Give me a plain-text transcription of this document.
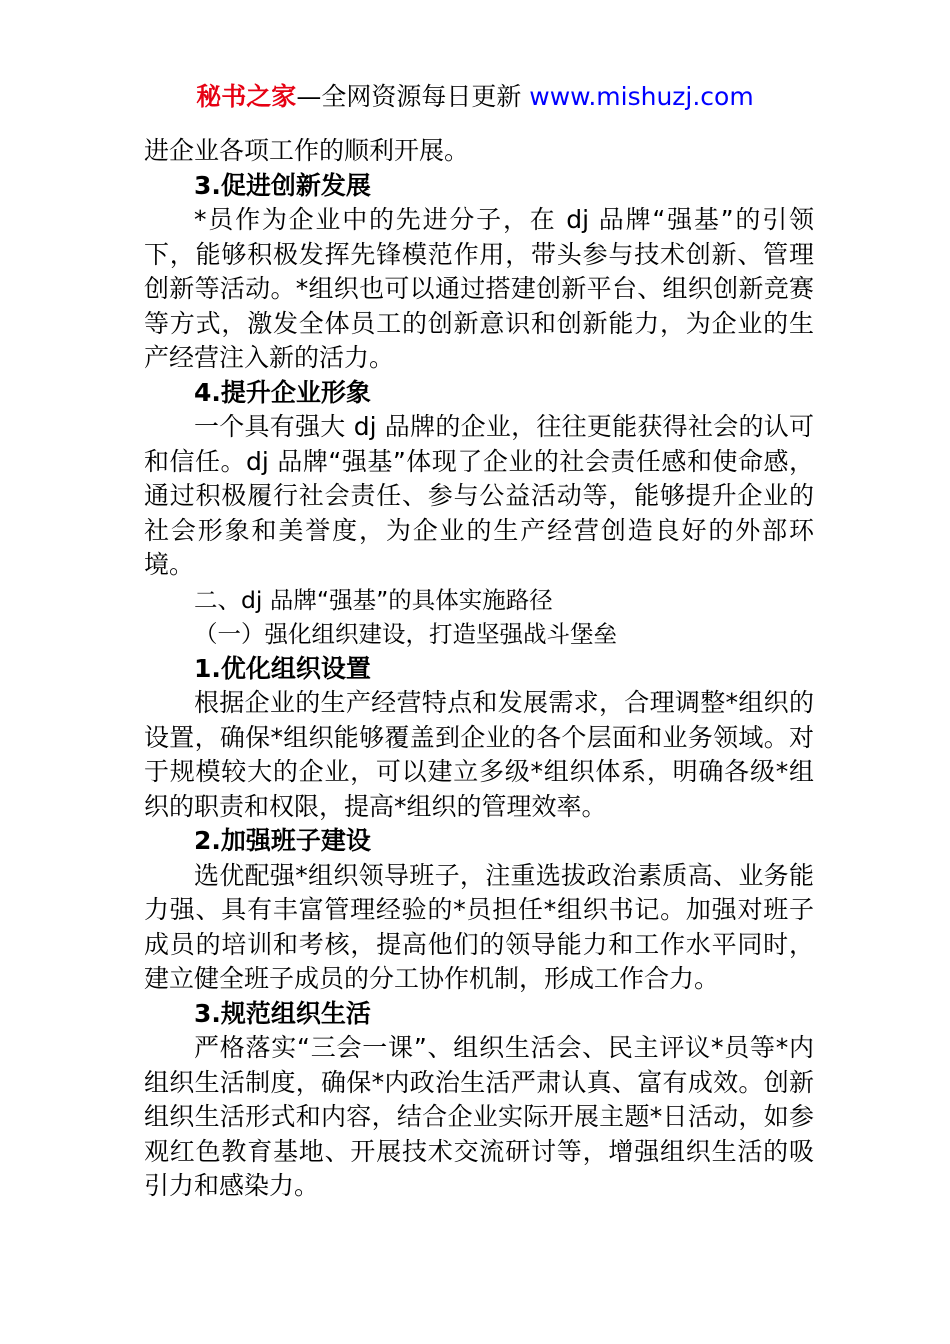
秘书之家—全网资源每日更新 www.mishuzj.com

进企业各项工作的顺利开展。

3.促进创新发展

*员作为企业中的先进分子，在 dj 品牌“强基”的引领下，能够积极发挥先锋模范作用，带头参与技术创新、管理创新等活动。*组织也可以通过搭建创新平台、组织创新竞赛等方式，激发全体员工的创新意识和创新能力，为企业的生产经营注入新的活力。

4.提升企业形象

一个具有强大 dj 品牌的企业，往往更能获得社会的认可和信任。dj 品牌“强基”体现了企业的社会责任感和使命感，通过积极履行社会责任、参与公益活动等，能够提升企业的社会形象和美誉度，为企业的生产经营创造良好的外部环境。

二、dj 品牌“强基”的具体实施路径

（一）强化组织建设，打造坚强战斗堡垒

1.优化组织设置

根据企业的生产经营特点和发展需求，合理调整*组织的设置，确保*组织能够覆盖到企业的各个层面和业务领域。对于规模较大的企业，可以建立多级*组织体系，明确各级*组织的职责和权限，提高*组织的管理效率。

2.加强班子建设

选优配强*组织领导班子，注重选拔政治素质高、业务能力强、具有丰富管理经验的*员担任*组织书记。加强对班子成员的培训和考核，提高他们的领导能力和工作水平同时，建立健全班子成员的分工协作机制，形成工作合力。

3.规范组织生活

严格落实“三会一课”、组织生活会、民主评议*员等*内组织生活制度，确保*内政治生活严肃认真、富有成效。创新组织生活形式和内容，结合企业实际开展主题*日活动，如参观红色教育基地、开展技术交流研讨等，增强组织生活的吸引力和感染力。
